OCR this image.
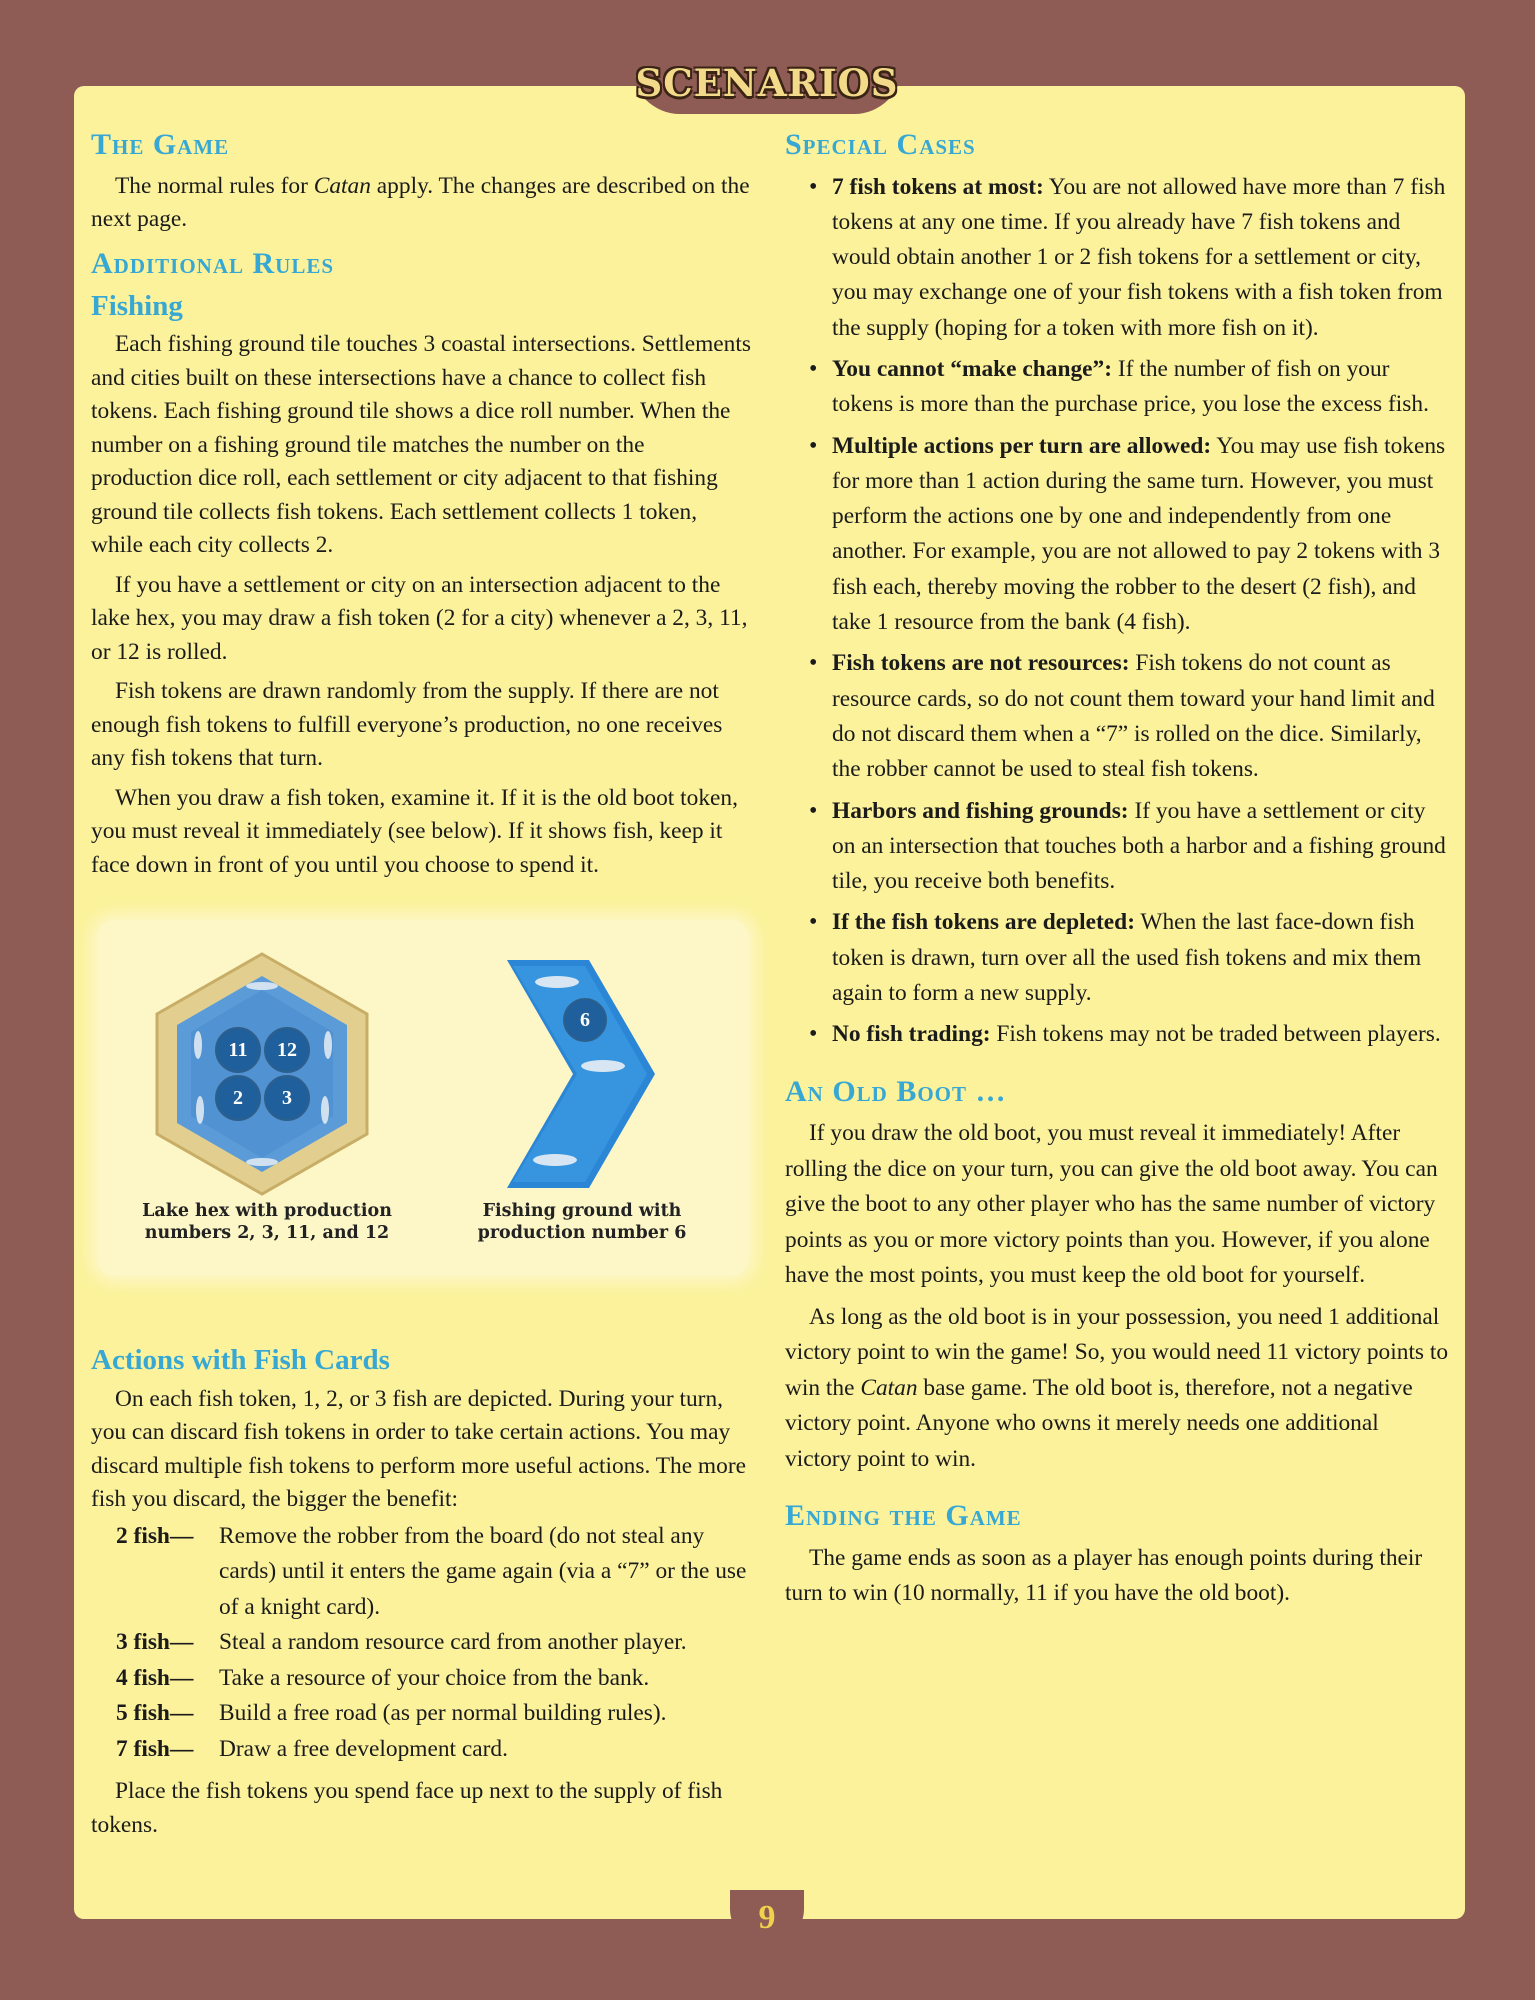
SCENARIOS
The Game

The normal rules for Catan apply. The changes are described on the next page.

Additional Rules
Fishing

Each fishing ground tile touches 3 coastal intersections. Settlements and cities built on these intersections have a chance to collect fish tokens. Each fishing ground tile shows a dice roll number. When the number on a fishing ground tile matches the number on the production dice roll, each settlement or city adjacent to that fishing ground tile collects fish tokens. Each settlement collects 1 token, while each city collects 2.

If you have a settlement or city on an intersection adjacent to the lake hex, you may draw a fish token (2 for a city) whenever a 2, 3, 11, or 12 is rolled.

Fish tokens are drawn randomly from the supply. If there are not enough fish tokens to fulfill everyone’s production, no one receives any fish tokens that turn.

When you draw a fish token, examine it. If it is the old boot token, you must reveal it immediately (see below). If it shows fish, keep it face down in front of you until you choose to spend it.

11 12
2 3
6
Lake hex with production
numbers 2, 3, 11, and 12
Fishing ground with
production number 6
Actions with Fish Cards

On each fish token, 1, 2, or 3 fish are depicted. During your turn, you can discard fish tokens in order to take certain actions. You may discard multiple fish tokens to perform more useful actions. The more fish you discard, the bigger the benefit:

2 fish—	Remove the robber from the board (do not steal any cards) until it enters the game again (via a “7” or the use of a knight card).
3 fish—	Steal a random resource card from another player.
4 fish—	Take a resource of your choice from the bank.
5 fish—	Build a free road (as per normal building rules).
7 fish—	Draw a free development card.

Place the fish tokens you spend face up next to the supply of fish tokens.

Special Cases
• 7 fish tokens at most: You are not allowed have more than 7 fish tokens at any one time. If you already have 7 fish tokens and would obtain another 1 or 2 fish tokens for a settlement or city, you may exchange one of your fish tokens with a fish token from the supply (hoping for a token with more fish on it).
• You cannot “make change”: If the number of fish on your tokens is more than the purchase price, you lose the excess fish.
• Multiple actions per turn are allowed: You may use fish tokens for more than 1 action during the same turn. However, you must perform the actions one by one and independently from one another. For example, you are not allowed to pay 2 tokens with 3 fish each, thereby moving the robber to the desert (2 fish), and take 1 resource from the bank (4 fish).
• Fish tokens are not resources: Fish tokens do not count as resource cards, so do not count them toward your hand limit and do not discard them when a “7” is rolled on the dice. Similarly, the robber cannot be used to steal fish tokens.
• Harbors and fishing grounds: If you have a settlement or city on an intersection that touches both a harbor and a fishing ground tile, you receive both benefits.
• If the fish tokens are depleted: When the last face-down fish token is drawn, turn over all the used fish tokens and mix them again to form a new supply.
• No fish trading: Fish tokens may not be traded between players.
An Old Boot …

If you draw the old boot, you must reveal it immediately! After rolling the dice on your turn, you can give the old boot away. You can give the boot to any other player who has the same number of victory points as you or more victory points than you. However, if you alone have the most points, you must keep the old boot for yourself.

As long as the old boot is in your possession, you need 1 additional victory point to win the game! So, you would need 11 victory points to win the Catan base game. The old boot is, therefore, not a negative victory point. Anyone who owns it merely needs one additional victory point to win.

Ending the Game

The game ends as soon as a player has enough points during their turn to win (10 normally, 11 if you have the old boot).

9
